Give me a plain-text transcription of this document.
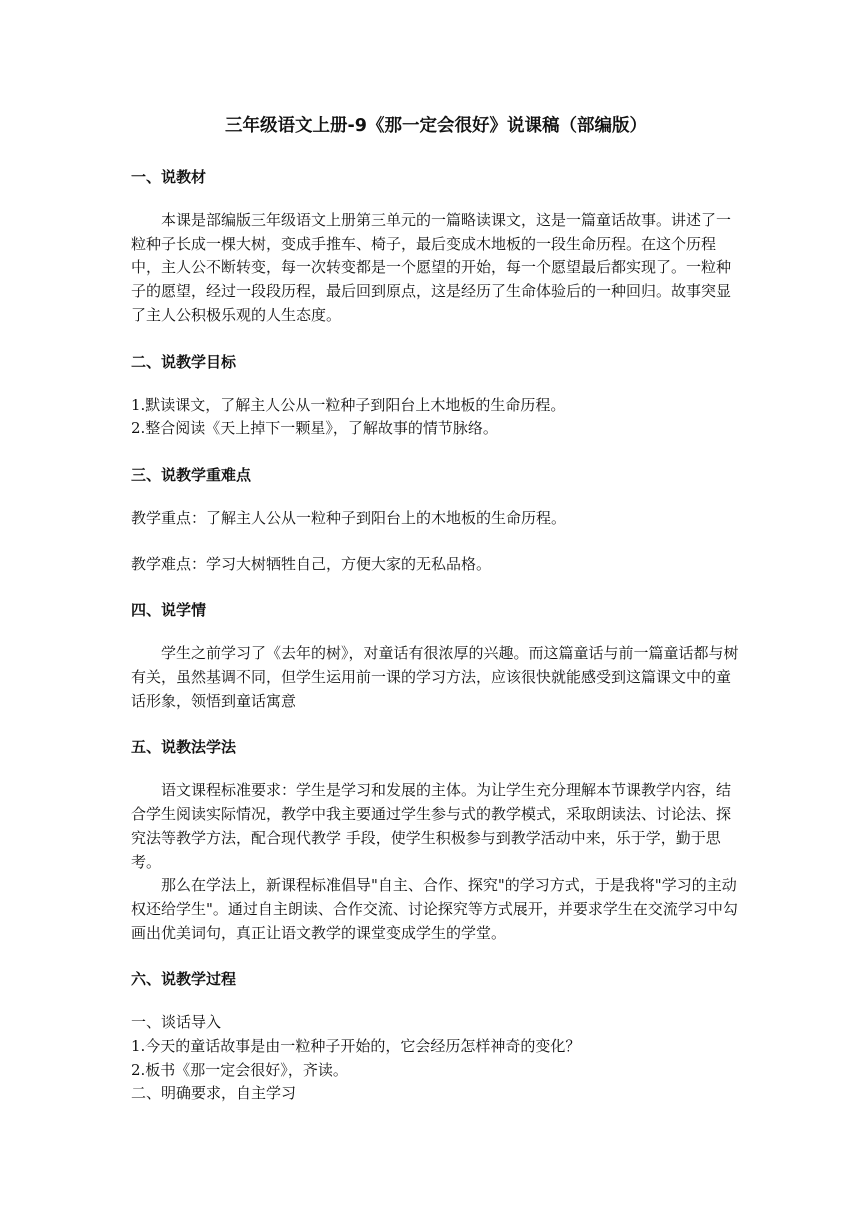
三年级语文上册-9《那一定会很好》说课稿（部编版）
一、说教材

本课是部编版三年级语文上册第三单元的一篇略读课文，这是一篇童话故事。讲述了一粒种子长成一棵大树，变成手推车、椅子，最后变成木地板的一段生命历程。在这个历程中，主人公不断转变，每一次转变都是一个愿望的开始，每一个愿望最后都实现了。一粒种子的愿望，经过一段段历程，最后回到原点，这是经历了生命体验后的一种回归。故事突显了主人公积极乐观的人生态度。

二、说教学目标

1.默读课文，了解主人公从一粒种子到阳台上木地板的生命历程。

2.整合阅读《天上掉下一颗星》，了解故事的情节脉络。

三、说教学重难点

教学重点：了解主人公从一粒种子到阳台上的木地板的生命历程。

教学难点：学习大树牺牲自己，方便大家的无私品格。

四、说学情

学生之前学习了《去年的树》，对童话有很浓厚的兴趣。而这篇童话与前一篇童话都与树有关，虽然基调不同，但学生运用前一课的学习方法，应该很快就能感受到这篇课文中的童话形象，领悟到童话寓意

五、说教法学法

语文课程标准要求：学生是学习和发展的主体。为让学生充分理解本节课教学内容，结合学生阅读实际情况，教学中我主要通过学生参与式的教学模式，采取朗读法、讨论法、探究法等教学方法，配合现代教学 手段，使学生积极参与到教学活动中来，乐于学，勤于思考。

那么在学法上，新课程标准倡导"自主、合作、探究"的学习方式，于是我将"学习的主动权还给学生"。通过自主朗读、合作交流、讨论探究等方式展开，并要求学生在交流学习中勾画出优美词句，真正让语文教学的课堂变成学生的学堂。

六、说教学过程

一、谈话导入

1.今天的童话故事是由一粒种子开始的，它会经历怎样神奇的变化？

2.板书《那一定会很好》，齐读。

二、明确要求，自主学习
